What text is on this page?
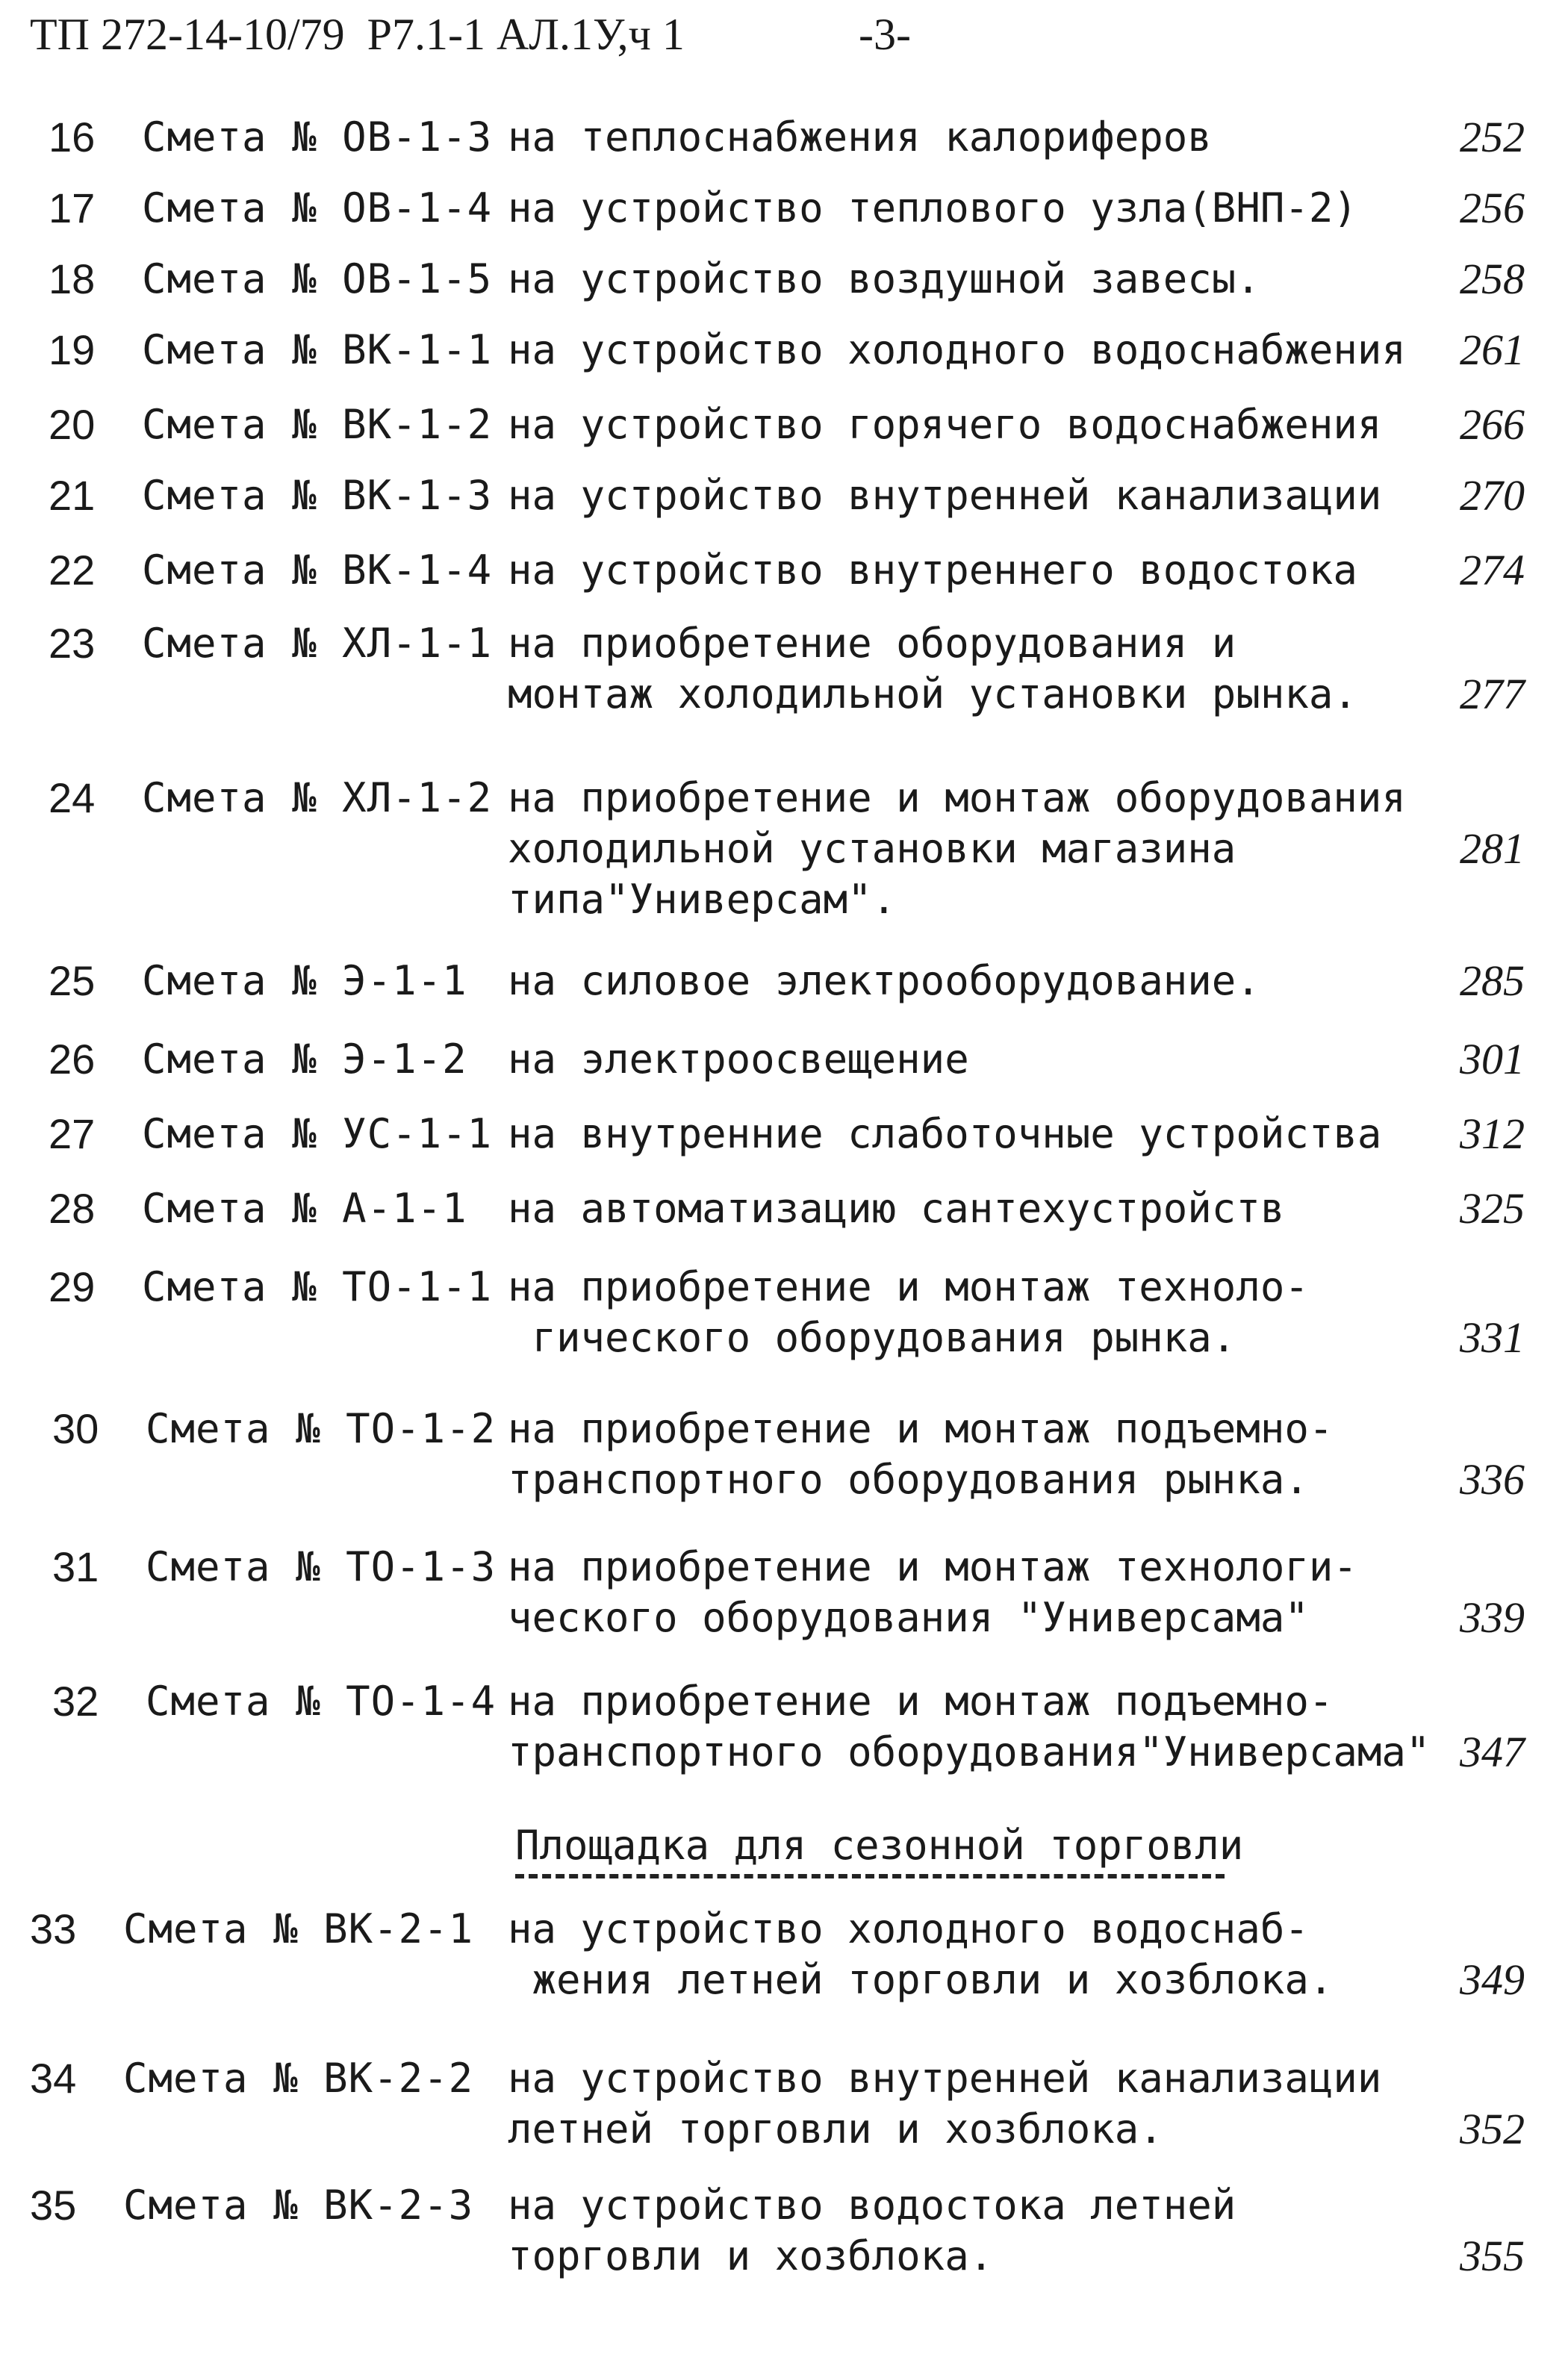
ТП 272-14-10/79  Р7.1-1 АЛ.1У,ч 1	-3-
Площадка для сезонной торговли
16 Смета № ОВ-1-3 на теплоснабжения калориферов	252
17 Смета № ОВ-1-4 на устройство теплового узла(ВНП-2) 256
18 Смета № ОВ-1-5 на устройство воздушной завесы.	258
19 Смета № ВК-1-1 на устройство холодного водоснабжения 261
20 Смета № ВК-1-2 на устройство горячего водоснабжения 266
21 Смета № ВК-1-3 на устройство внутренней канализации 270
22 Смета № ВК-1-4 на устройство внутреннего водостока 274
23 Смета № ХЛ-1-1 на приобретение оборудования и
монтаж холодильной установки рынка. 277
24 Смета № ХЛ-1-2 на приобретение и монтаж оборудования
холодильной установки магазина
типа"Универсам".
281
25 Смета № Э-1-1 на силовое электрооборудование.	285
26 Смета № Э-1-2 на электроосвещение	301
27 Смета № УС-1-1 на внутренние слаботочные устройства 312
28 Смета № А-1-1 на автоматизацию сантехустройств	325
29 Смета № ТО-1-1 на приобретение и монтаж техноло-
гического оборудования рынка.	331
30 Смета № ТО-1-2 на приобретение и монтаж подъемно-
транспортного оборудования рынка.	336
31 Смета № ТО-1-3 на приобретение и монтаж технологи-
ческого оборудования "Универсама"	339
32 Смета № ТО-1-4 на приобретение и монтаж подъемно-
транспортного оборудования"Универсама" 347
33 Смета № ВК-2-1 на устройство холодного водоснаб-
жения летней торговли и хозблока.	349
34 Смета № ВК-2-2 на устройство внутренней канализации
летней торговли и хозблока.	352
35 Смета № ВК-2-3 на устройство водостока летней
торговли и хозблока.	355
